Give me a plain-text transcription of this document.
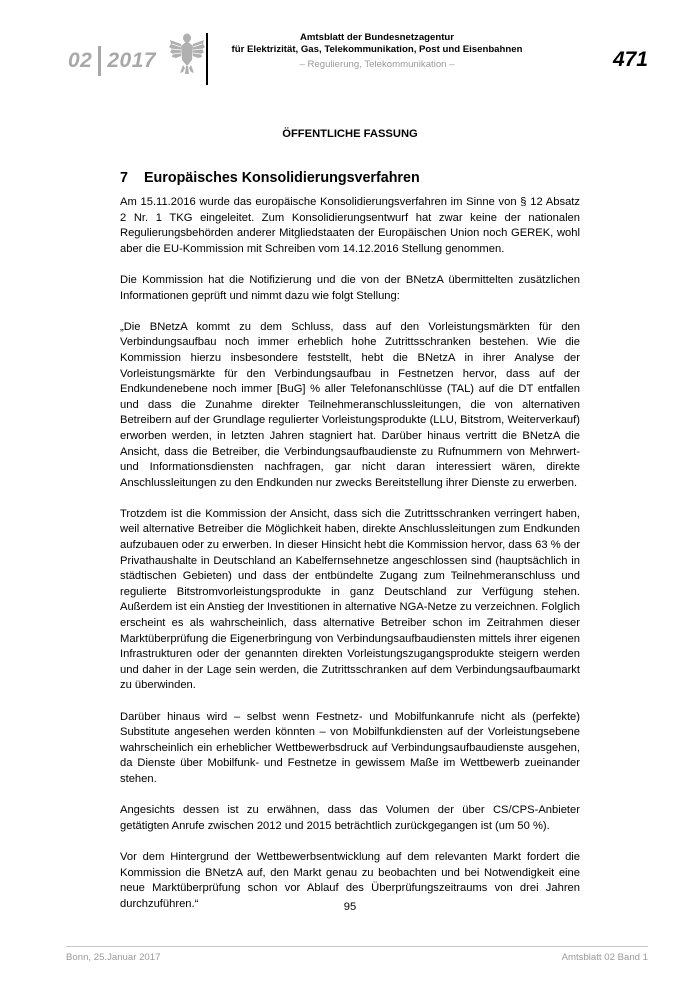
02 2017
Amtsblatt der Bundesnetzagentur
für Elektrizität, Gas, Telekommunikation, Post und Eisenbahnen
– Regulierung, Telekommunikation –	471
ÖFFENTLICHE FASSUNG
7 Europäisches Konsolidierungsverfahren

Am 15.11.2016 wurde das europäische Konsolidierungsverfahren im Sinne von § 12 Absatz 2 Nr. 1 TKG eingeleitet. Zum Konsolidierungsentwurf hat zwar keine der nationalen Regulierungsbehörden anderer Mitgliedstaaten der Europäischen Union noch GEREK, wohl aber die EU-Kommission mit Schreiben vom 14.12.2016 Stellung genommen.

Die Kommission hat die Notifizierung und die von der BNetzA übermittelten zusätzlichen Informationen geprüft und nimmt dazu wie folgt Stellung:

„Die BNetzA kommt zu dem Schluss, dass auf den Vorleistungsmärkten für den Verbindungsaufbau noch immer erheblich hohe Zutrittsschranken bestehen. Wie die Kommission hierzu insbesondere feststellt, hebt die BNetzA in ihrer Analyse der Vorleistungsmärkte für den Verbindungsaufbau in Festnetzen hervor, dass auf der Endkundenebene noch immer [BuG] % aller Telefonanschlüsse (TAL) auf die DT entfallen und dass die Zunahme direkter Teilnehmeranschlussleitungen, die von alternativen Betreibern auf der Grundlage regulierter Vorleistungsprodukte (LLU, Bitstrom, Weiterverkauf) erworben werden, in letzten Jahren stagniert hat. Darüber hinaus vertritt die BNetzA die Ansicht, dass die Betreiber, die Verbindungsaufbaudienste zu Rufnummern von Mehrwert- und Informationsdiensten nachfragen, gar nicht daran interessiert wären, direkte Anschlussleitungen zu den Endkunden nur zwecks Bereitstellung ihrer Dienste zu erwerben.

Trotzdem ist die Kommission der Ansicht, dass sich die Zutrittsschranken verringert haben, weil alternative Betreiber die Möglichkeit haben, direkte Anschlussleitungen zum Endkunden aufzubauen oder zu erwerben. In dieser Hinsicht hebt die Kommission hervor, dass 63 % der Privathaushalte in Deutschland an Kabelfernsehnetze angeschlossen sind (hauptsächlich in städtischen Gebieten) und dass der entbündelte Zugang zum Teilnehmeranschluss und regulierte Bitstromvorleistungsprodukte in ganz Deutschland zur Verfügung stehen. Außerdem ist ein Anstieg der Investitionen in alternative NGA-Netze zu verzeichnen. Folglich erscheint es als wahrscheinlich, dass alternative Betreiber schon im Zeitrahmen dieser Marktüberprüfung die Eigenerbringung von Verbindungsaufbaudiensten mittels ihrer eigenen Infrastrukturen oder der genannten direkten Vorleistungszugangsprodukte steigern werden und daher in der Lage sein werden, die Zutrittsschranken auf dem Verbindungsaufbaumarkt zu überwinden.

Darüber hinaus wird – selbst wenn Festnetz- und Mobilfunkanrufe nicht als (perfekte) Substitute angesehen werden könnten – von Mobilfunkdiensten auf der Vorleistungsebene wahrscheinlich ein erheblicher Wettbewerbsdruck auf Verbindungsaufbaudienste ausgehen, da Dienste über Mobilfunk- und Festnetze in gewissem Maße im Wettbewerb zueinander stehen.

Angesichts dessen ist zu erwähnen, dass das Volumen der über CS/CPS-Anbieter getätigten Anrufe zwischen 2012 und 2015 beträchtlich zurückgegangen ist (um 50 %).

Vor dem Hintergrund der Wettbewerbsentwicklung auf dem relevanten Markt fordert die Kommission die BNetzA auf, den Markt genau zu beobachten und bei Notwendigkeit eine neue Marktüberprüfung schon vor Ablauf des Überprüfungszeitraums von drei Jahren durchzuführen.“	95
Bonn, 25.Januar 2017	Amtsblatt 02 Band 1
